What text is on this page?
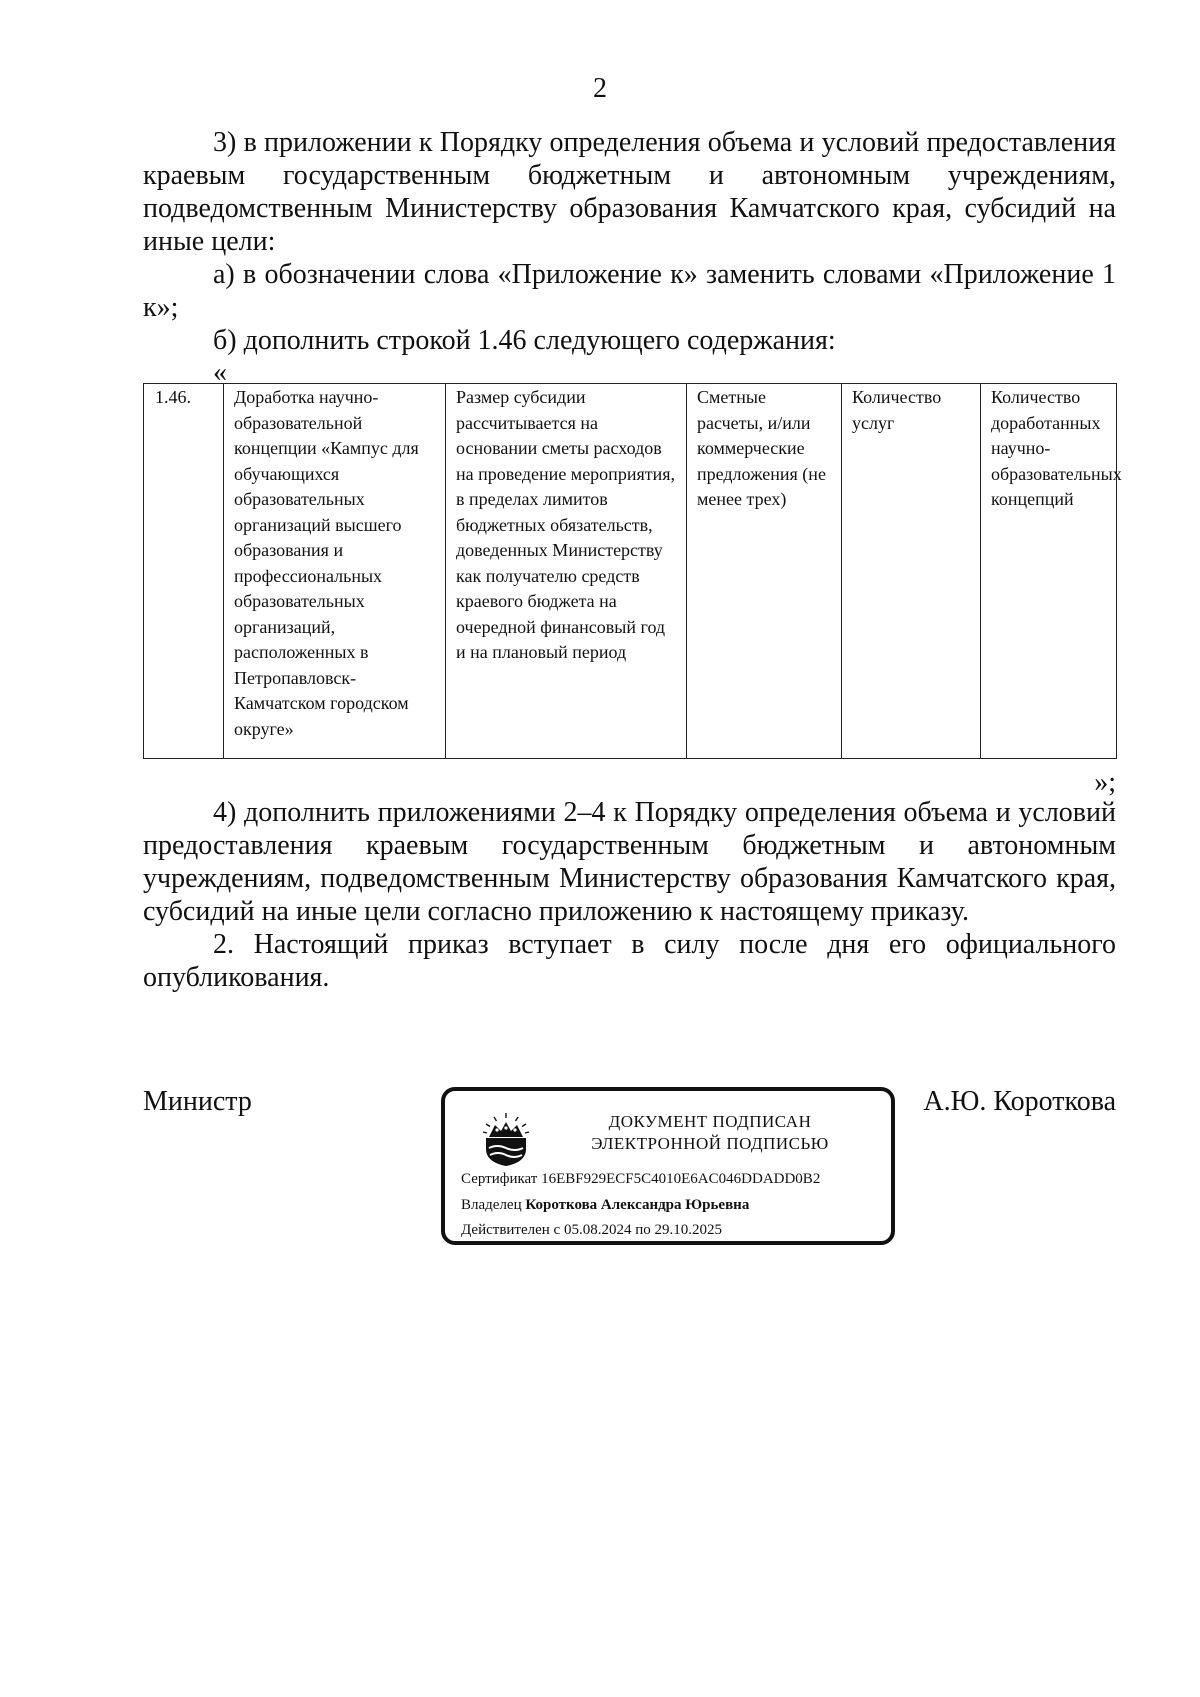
2

3) в приложении к Порядку определения объема и условий предоставления краевым государственным бюджетным и автономным учреждениям, подведомственным Министерству образования Камчатского края, субсидий на иные цели:

а) в обозначении слова «Приложение к» заменить словами «Приложение 1 к»;

б) дополнить строкой 1.46 следующего содержания:

«
1.46.	Доработка научно-образовательной концепции «Кампус для обучающихся образовательных организаций высшего образования и профессиональных образовательных организаций, расположенных в Петропавловск-Камчатском городском округе»	Размер субсидии рассчитывается на основании сметы расходов на проведение мероприятия, в пределах лимитов бюджетных обязательств, доведенных Министерству как получателю средств краевого бюджета на очередной финансовый год и на плановый период	Сметные расчеты, и/или коммерческие предложения (не менее трех)	Количество услуг	Количество доработанных научно-образовательных концепций
»;

4) дополнить приложениями 2–4 к Порядку определения объема и условий предоставления краевым государственным бюджетным и автономным учреждениям, подведомственным Министерству образования Камчатского края, субсидий на иные цели согласно приложению к настоящему приказу.

2. Настоящий приказ вступает в силу после дня его официального опубликования.

Министр
ДОКУМЕНТ ПОДПИСАН
ЭЛЕКТРОННОЙ ПОДПИСЬЮ
Сертификат 16EBF929ECF5C4010E6AC046DDADD0B2
Владелец Короткова Александра Юрьевна
Действителен с 05.08.2024 по 29.10.2025
А.Ю. Короткова
